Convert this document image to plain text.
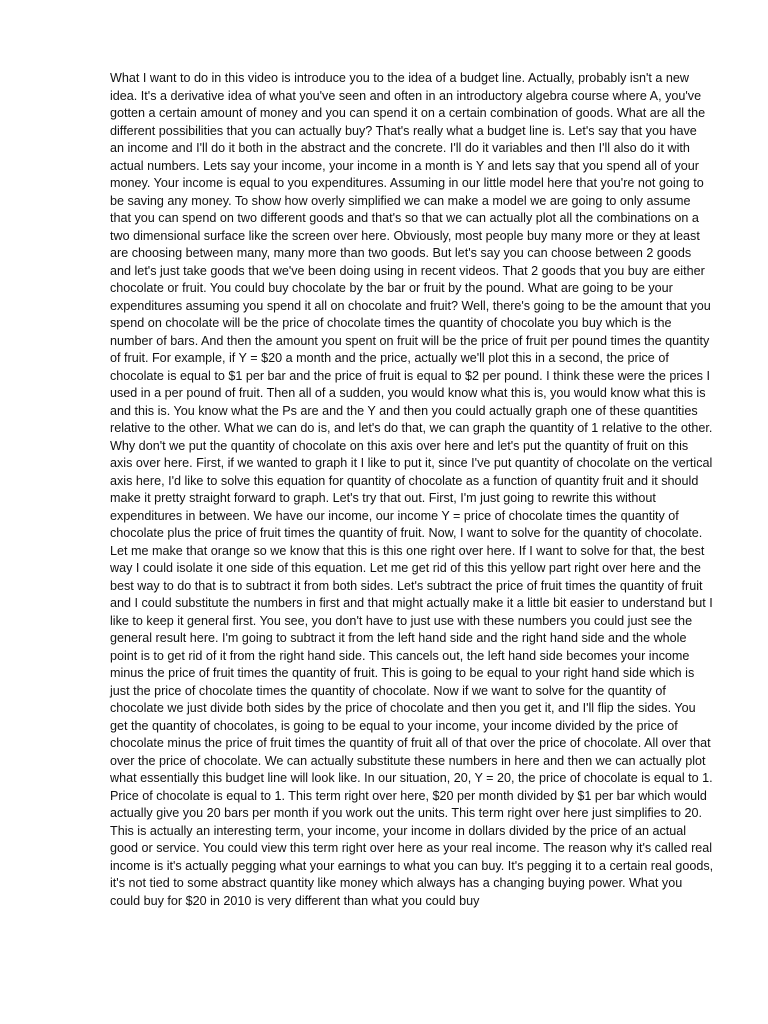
What I want to do in this video is introduce you to the idea of a budget line. Actually, probably isn't a new idea. It's a derivative idea of what you've seen and often in an introductory algebra course where A, you've gotten a certain amount of money and you can spend it on a certain combination of goods. What are all the different possibilities that you can actually buy? That's really what a budget line is. Let's say that you have an income and I'll do it both in the abstract and the concrete. I'll do it variables and then I'll also do it with actual numbers. Lets say your income, your income in a month is Y and lets say that you spend all of your money. Your income is equal to you expenditures. Assuming in our little model here that you're not going to be saving any money. To show how overly simplified we can make a model we are going to only assume that you can spend on two different goods and that's so that we can actually plot all the combinations on a two dimensional surface like the screen over here. Obviously, most people buy many more or they at least are choosing between many, many more than two goods. But let's say you can choose between 2 goods and let's just take goods that we've been doing using in recent videos. That 2 goods that you buy are either chocolate or fruit. You could buy chocolate by the bar or fruit by the pound. What are going to be your expenditures assuming you spend it all on chocolate and fruit? Well, there's going to be the amount that you spend on chocolate will be the price of chocolate times the quantity of chocolate you buy which is the number of bars. And then the amount you spent on fruit will be the price of fruit per pound times the quantity of fruit. For example, if Y = $20 a month and the price, actually we'll plot this in a second, the price of chocolate is equal to $1 per bar and the price of fruit is equal to $2 per pound. I think these were the prices I used in a per pound of fruit. Then all of a sudden, you would know what this is, you would know what this is and this is. You know what the Ps are and the Y and then you could actually graph one of these quantities relative to the other. What we can do is, and let's do that, we can graph the quantity of 1 relative to the other. Why don't we put the quantity of chocolate on this axis over here and let's put the quantity of fruit on this axis over here. First, if we wanted to graph it I like to put it, since I've put quantity of chocolate on the vertical axis here, I'd like to solve this equation for quantity of chocolate as a function of quantity fruit and it should make it pretty straight forward to graph. Let's try that out. First, I'm just going to rewrite this without expenditures in between. We have our income, our income Y = price of chocolate times the quantity of chocolate plus the price of fruit times the quantity of fruit. Now, I want to solve for the quantity of chocolate. Let me make that orange so we know that this is this one right over here. If I want to solve for that, the best way I could isolate it one side of this equation. Let me get rid of this this yellow part right over here and the best way to do that is to subtract it from both sides. Let's subtract the price of fruit times the quantity of fruit and I could substitute the numbers in first and that might actually make it a little bit easier to understand but I like to keep it general first. You see, you don't have to just use with these numbers you could just see the general result here. I'm going to subtract it from the left hand side and the right hand side and the whole point is to get rid of it from the right hand side. This cancels out, the left hand side becomes your income minus the price of fruit times the quantity of fruit. This is going to be equal to your right hand side which is just the price of chocolate times the quantity of chocolate. Now if we want to solve for the quantity of chocolate we just divide both sides by the price of chocolate and then you get it, and I'll flip the sides. You get the quantity of chocolates, is going to be equal to your income, your income divided by the price of chocolate minus the price of fruit times the quantity of fruit all of that over the price of chocolate. All over that over the price of chocolate. We can actually substitute these numbers in here and then we can actually plot what essentially this budget line will look like. In our situation, 20, Y = 20, the price of chocolate is equal to 1. Price of chocolate is equal to 1. This term right over here, $20 per month divided by $1 per bar which would actually give you 20 bars per month if you work out the units. This term right over here just simplifies to 20. This is actually an interesting term, your income, your income in dollars divided by the price of an actual good or service. You could view this term right over here as your real income. The reason why it's called real income is it's actually pegging what your earnings to what you can buy. It's pegging it to a certain real goods, it's not tied to some abstract quantity like money which always has a changing buying power. What you could buy for $20 in 2010 is very different than what you could buy
